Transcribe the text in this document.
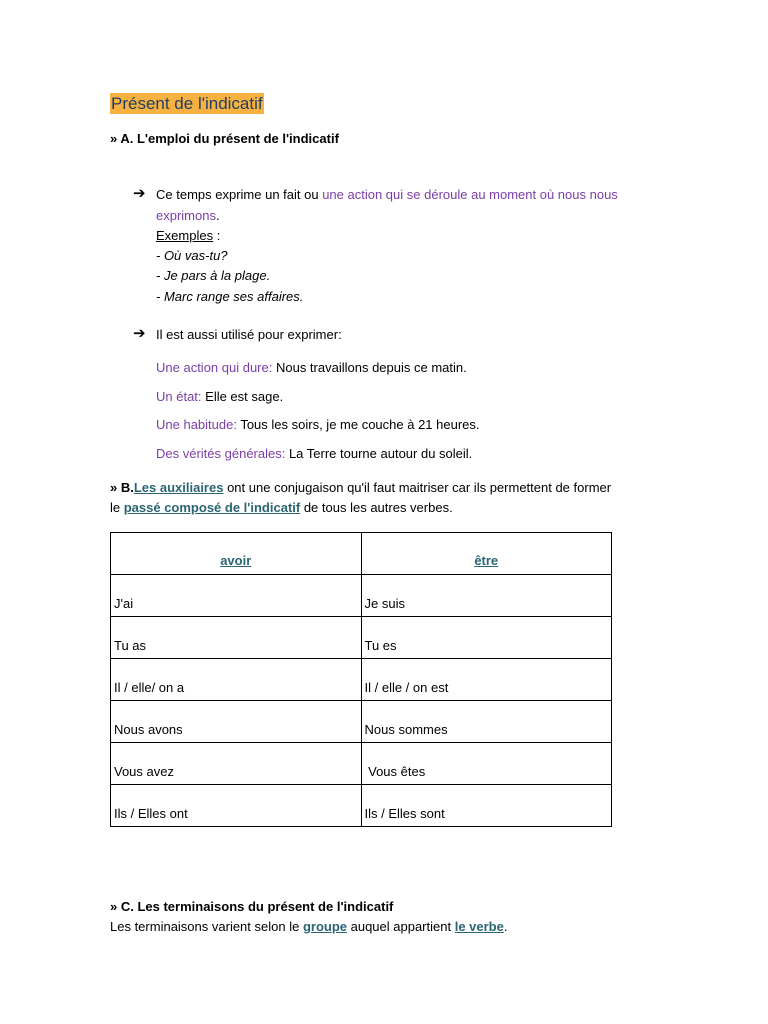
Présent de l'indicatif
» A. L'emploi du présent de l'indicatif
➔ Ce temps exprime un fait ou une action qui se déroule au moment où nous nous
exprimons.
Exemples :
- Où vas-tu?
- Je pars à la plage.
- Marc range ses affaires.
➔ Il est aussi utilisé pour exprimer:
Une action qui dure: Nous travaillons depuis ce matin.
Un état: Elle est sage.
Une habitude: Tous les soirs, je me couche à 21 heures.
Des vérités générales: La Terre tourne autour du soleil.
» B.Les auxiliaires ont une conjugaison qu'il faut maitriser car ils permettent de former
le passé composé de l'indicatif de tous les autres verbes.
avoir	être
J'ai	Je suis
Tu as	Tu es
Il / elle/ on a	Il / elle / on est
Nous avons	Nous sommes
Vous avez	Vous êtes
Ils / Elles ont	Ils / Elles sont
» C. Les terminaisons du présent de l'indicatif
Les terminaisons varient selon le groupe auquel appartient le verbe.
